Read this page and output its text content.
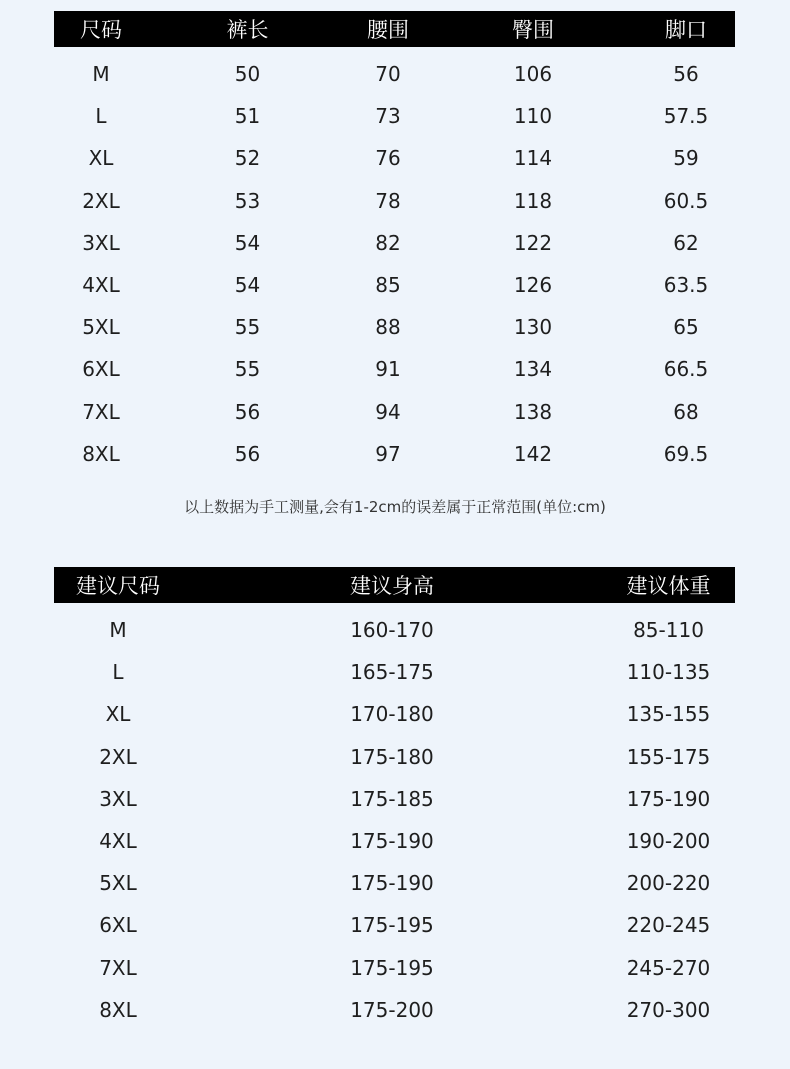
尺码	裤长	腰围	臀围	脚口
M	50	70	106	56
L	51	73	110	57.5
XL	52	76	114	59
2XL	53	78	118	60.5
3XL	54	82	122	62
4XL	54	85	126	63.5
5XL	55	88	130	65
6XL	55	91	134	66.5
7XL	56	94	138	68
8XL	56	97	142	69.5
以上数据为手工测量,会有1-2cm的误差属于正常范围(单位:cm)
建议尺码	建议身高	建议体重
M	160-170	85-110
L	165-175	110-135
XL	170-180	135-155
2XL	175-180	155-175
3XL	175-185	175-190
4XL	175-190	190-200
5XL	175-190	200-220
6XL	175-195	220-245
7XL	175-195	245-270
8XL	175-200	270-300
